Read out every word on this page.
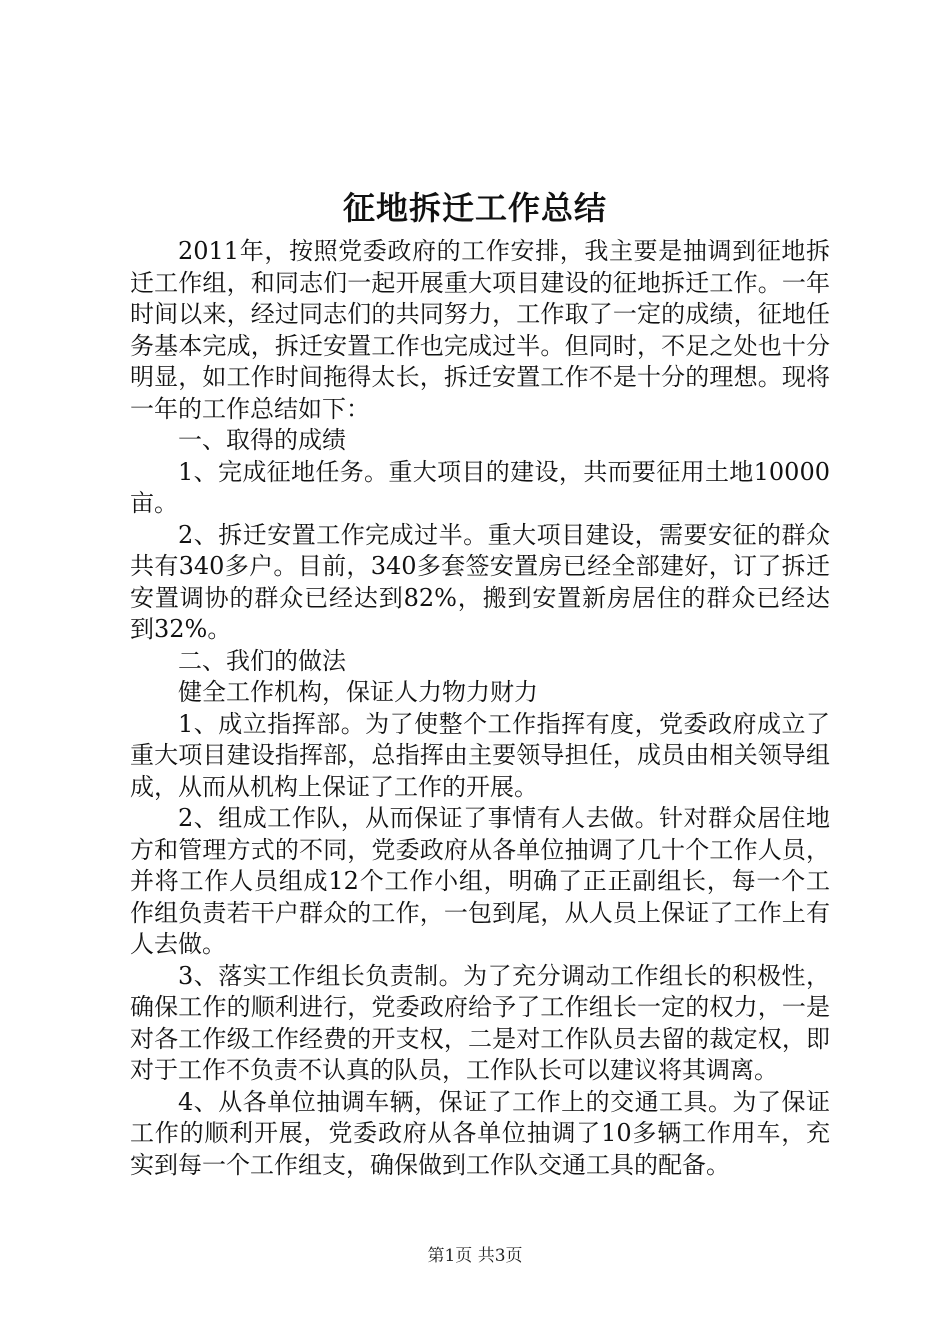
征地拆迁工作总结

2011年，按照党委政府的工作安排，我主要是抽调到征地拆迁工作组，和同志们一起开展重大项目建设的征地拆迁工作。一年时间以来，经过同志们的共同努力，工作取了一定的成绩，征地任务基本完成，拆迁安置工作也完成过半。但同时，不足之处也十分明显，如工作时间拖得太长，拆迁安置工作不是十分的理想。现将一年的工作总结如下：

一、取得的成绩

1、完成征地任务。重大项目的建设，共而要征用土地10000亩。

2、拆迁安置工作完成过半。重大项目建设，需要安征的群众共有340多户。目前，340多套签安置房已经全部建好，订了拆迁安置调协的群众已经达到82%，搬到安置新房居住的群众已经达到32%。

二、我们的做法

健全工作机构，保证人力物力财力

1、成立指挥部。为了使整个工作指挥有度，党委政府成立了重大项目建设指挥部，总指挥由主要领导担任，成员由相关领导组成，从而从机构上保证了工作的开展。

2、组成工作队，从而保证了事情有人去做。针对群众居住地方和管理方式的不同，党委政府从各单位抽调了几十个工作人员，并将工作人员组成12个工作小组，明确了正正副组长，每一个工作组负责若干户群众的工作，一包到尾，从人员上保证了工作上有人去做。

3、落实工作组长负责制。为了充分调动工作组长的积极性，确保工作的顺利进行，党委政府给予了工作组长一定的权力，一是对各工作级工作经费的开支权，二是对工作队员去留的裁定权，即对于工作不负责不认真的队员，工作队长可以建议将其调离。

4、从各单位抽调车辆，保证了工作上的交通工具。为了保证工作的顺利开展，党委政府从各单位抽调了10多辆工作用车，充实到每一个工作组支，确保做到工作队交通工具的配备。

第1页 共3页
